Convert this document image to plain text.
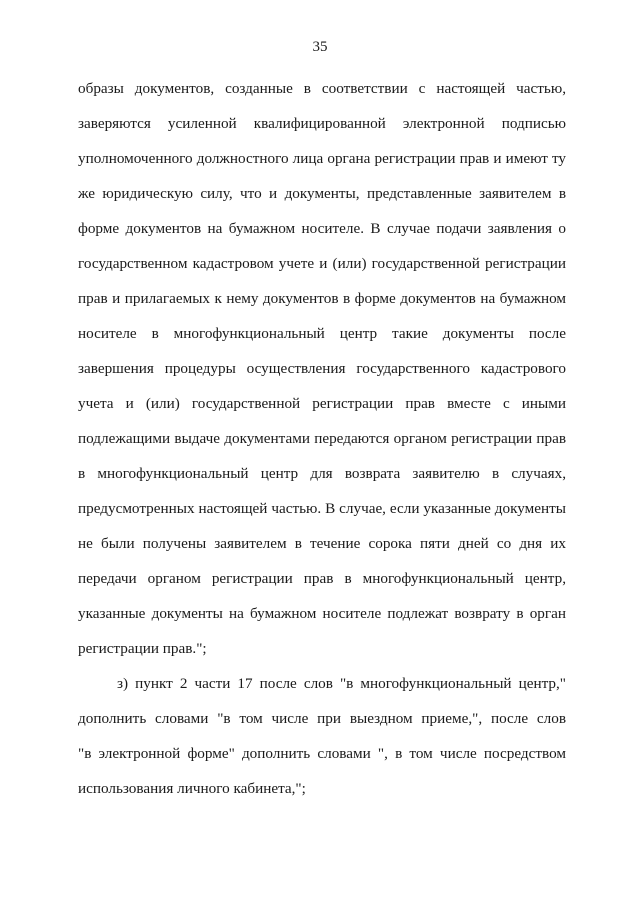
35
образы документов, созданные в соответствии с настоящей частью,
заверяются усиленной квалифицированной электронной подписью
уполномоченного должностного лица органа регистрации прав и имеют ту
же юридическую силу, что и документы, представленные заявителем в
форме документов на бумажном носителе. В случае подачи заявления о
государственном кадастровом учете и (или) государственной регистрации
прав и прилагаемых к нему документов в форме документов на бумажном
носителе в многофункциональный центр такие документы после
завершения процедуры осуществления государственного кадастрового
учета и (или) государственной регистрации прав вместе с иными
подлежащими выдаче документами передаются органом регистрации прав
в многофункциональный центр для возврата заявителю в случаях,
предусмотренных настоящей частью. В случае, если указанные документы
не были получены заявителем в течение сорока пяти дней со дня их
передачи органом регистрации прав в многофункциональный центр,
указанные документы на бумажном носителе подлежат возврату в орган
регистрации прав.";
з) пункт 2 части 17 после слов "в многофункциональный центр,"
дополнить словами "в том числе при выездном приеме,", после слов
"в электронной форме" дополнить словами ", в том числе посредством
использования личного кабинета,";
